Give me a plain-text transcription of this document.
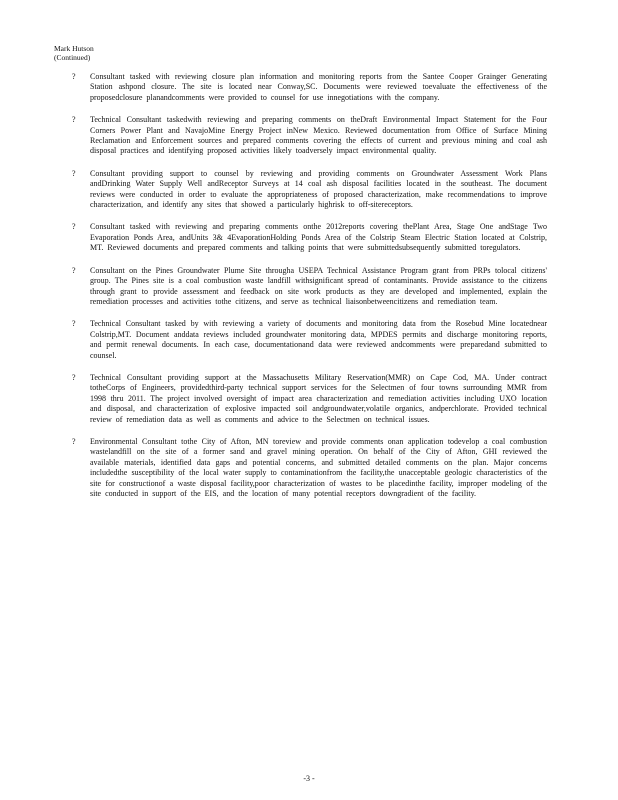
Mark Hutson
(Continued)
?	Consultant tasked with reviewing closure plan information and monitoring reports from the Santee Cooper Grainger Generating Station ashpond closure. The site is located near Conway,SC. Documents were reviewed toevaluate the effectiveness of the proposedclosure planandcomments were provided to counsel for use innegotiations with the company.
?	Technical Consultant taskedwith reviewing and preparing comments on theDraft Environmental Impact Statement for the Four Corners Power Plant and NavajoMine Energy Project inNew Mexico. Reviewed documentation from Office of Surface Mining Reclamation and Enforcement sources and prepared comments covering the effects of current and previous mining and coal ash disposal practices and identifying proposed activities likely toadversely impact environmental quality.
?	Consultant providing support to counsel by reviewing and providing comments on Groundwater Assessment Work Plans andDrinking Water Supply Well andReceptor Surveys at 14 coal ash disposal facilities located in the southeast. The document reviews were conducted in order to evaluate the appropriateness of proposed characterization, make recommendations to improve characterization, and identify any sites that showed a particularly highrisk to off-sitereceptors.
?	Consultant tasked with reviewing and preparing comments onthe 2012reports covering thePlant Area, Stage One andStage Two Evaporation Ponds Area, andUnits 3& 4EvaporationHolding Ponds Area of the Colstrip Steam Electric Station located at Colstrip, MT. Reviewed documents and prepared comments and talking points that were submittedsubsequently submitted toregulators.
?	Consultant on the Pines Groundwater Plume Site througha USEPA Technical Assistance Program grant from PRPs tolocal citizens' group. The Pines site is a coal combustion waste landfill withsignificant spread of contaminants. Provide assistance to the citizens through grant to provide assessment and feedback on site work products as they are developed and implemented, explain the remediation processes and activities tothe citizens, and serve as technical liaisonbetweencitizens and remediation team.
?	Technical Consultant tasked by with reviewing a variety of documents and monitoring data from the Rosebud Mine locatednear Colstrip,MT. Document anddata reviews included groundwater monitoring data, MPDES permits and discharge monitoring reports, and permit renewal documents. In each case, documentationand data were reviewed andcomments were preparedand submitted to counsel.
?	Technical Consultant providing support at the Massachusetts Military Reservation(MMR) on Cape Cod, MA. Under contract totheCorps of Engineers, providedthird-party technical support services for the Selectmen of four towns surrounding MMR from 1998 thru 2011. The project involved oversight of impact area characterization and remediation activities including UXO location and disposal, and characterization of explosive impacted soil andgroundwater,volatile organics, andperchlorate. Provided technical review of remediation data as well as comments and advice to the Selectmen on technical issues.
?	Environmental Consultant tothe City of Afton, MN toreview and provide comments onan application todevelop a coal combustion wastelandfill on the site of a former sand and gravel mining operation. On behalf of the City of Afton, GHI reviewed the available materials, identified data gaps and potential concerns, and submitted detailed comments on the plan. Major concerns includedthe susceptibility of the local water supply to contaminationfrom the facility,the unacceptable geologic characteristics of the site for constructionof a waste disposal facility,poor characterization of wastes to be placedinthe facility, improper modeling of the site conducted in support of the EIS, and the location of many potential receptors downgradient of the facility.
-3 -
